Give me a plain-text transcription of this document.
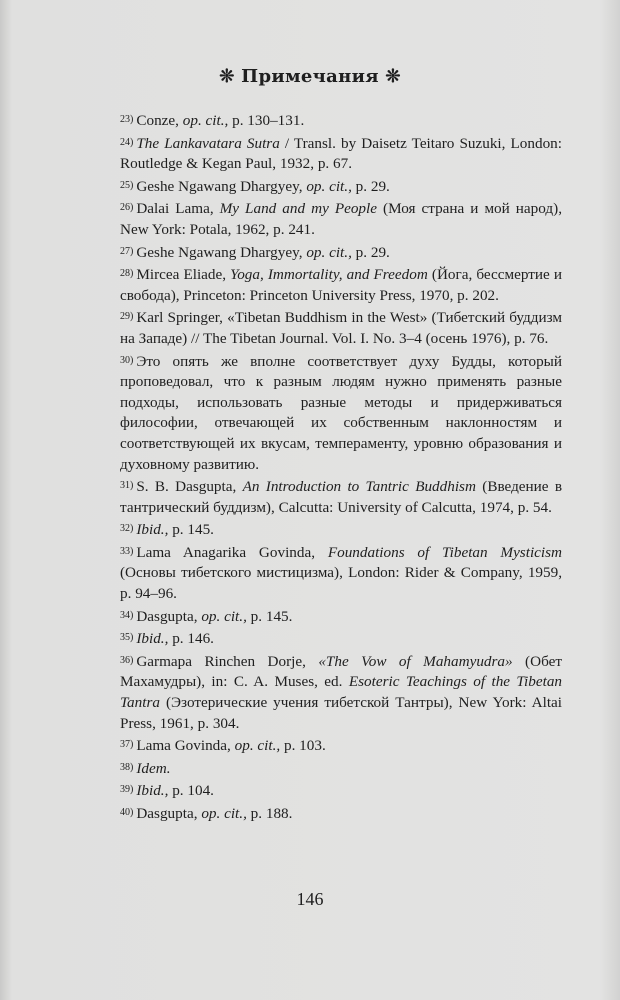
❊ Примечания ❊

23) Conze, op. cit., p. 130–131.

24) The Lankavatara Sutra / Transl. by Daisetz Teitaro Suzuki, London: Routledge & Kegan Paul, 1932, p. 67.

25) Geshe Ngawang Dhargyey, op. cit., p. 29.

26) Dalai Lama, My Land and my People (Моя страна и мой народ), New York: Potala, 1962, p. 241.

27) Geshe Ngawang Dhargyey, op. cit., p. 29.

28) Mircea Eliade, Yoga, Immortality, and Freedom (Йога, бессмертие и свобода), Princeton: Princeton University Press, 1970, p. 202.

29) Karl Springer, «Tibetan Buddhism in the West» (Тибетский буддизм на Западе) // The Tibetan Journal. Vol. I. No. 3–4 (осень 1976), p. 76.

30) Это опять же вполне соответствует духу Будды, который проповедовал, что к разным людям нужно применять разные подходы, использовать разные методы и придерживаться философии, отвечающей их собственным наклонностям и соответствующей их вкусам, темпераменту, уровню образования и духовному развитию.

31) S. B. Dasgupta, An Introduction to Tantric Buddhism (Введение в тантрический буддизм), Calcutta: University of Calcutta, 1974, p. 54.

32) Ibid., p. 145.

33) Lama Anagarika Govinda, Foundations of Tibetan Mysticism (Основы тибетского мистицизма), London: Rider & Company, 1959, p. 94–96.

34) Dasgupta, op. cit., p. 145.

35) Ibid., p. 146.

36) Garmapa Rinchen Dorje, «The Vow of Mahamyudra» (Обет Махамудры), in: C. A. Muses, ed. Esoteric Teachings of the Tibetan Tantra (Эзотерические учения тибетской Тантры), New York: Altai Press, 1961, p. 304.

37) Lama Govinda, op. cit., p. 103.

38) Idem.

39) Ibid., p. 104.

40) Dasgupta, op. cit., p. 188.

146
